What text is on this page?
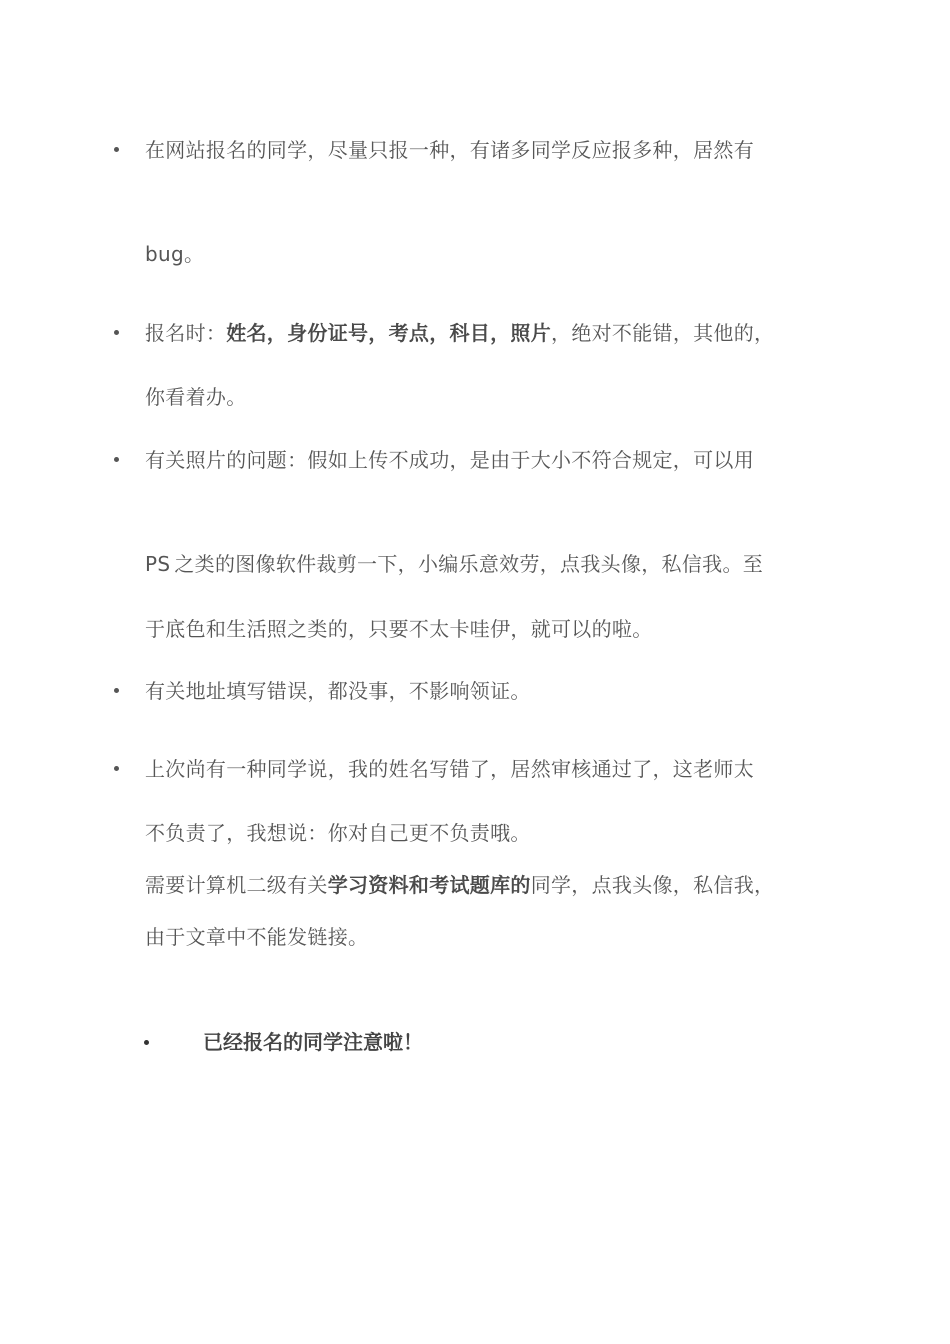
在网站报名的同学，尽量只报一种，有诸多同学反应报多种，居然有
bug。
报名时：姓名，身份证号，考点，科目，照片，绝对不能错，其他的，
你看着办。
有关照片的问题：假如上传不成功，是由于大小不符合规定，可以用
PS 之类的图像软件裁剪一下，小编乐意效劳，点我头像，私信我。至
于底色和生活照之类的，只要不太卡哇伊，就可以的啦。
有关地址填写错误，都没事，不影响领证。
上次尚有一种同学说，我的姓名写错了，居然审核通过了，这老师太
不负责了，我想说：你对自己更不负责哦。
需要计算机二级有关学习资料和考试题库的同学，点我头像，私信我，
由于文章中不能发链接。
已经报名的同学注意啦！
